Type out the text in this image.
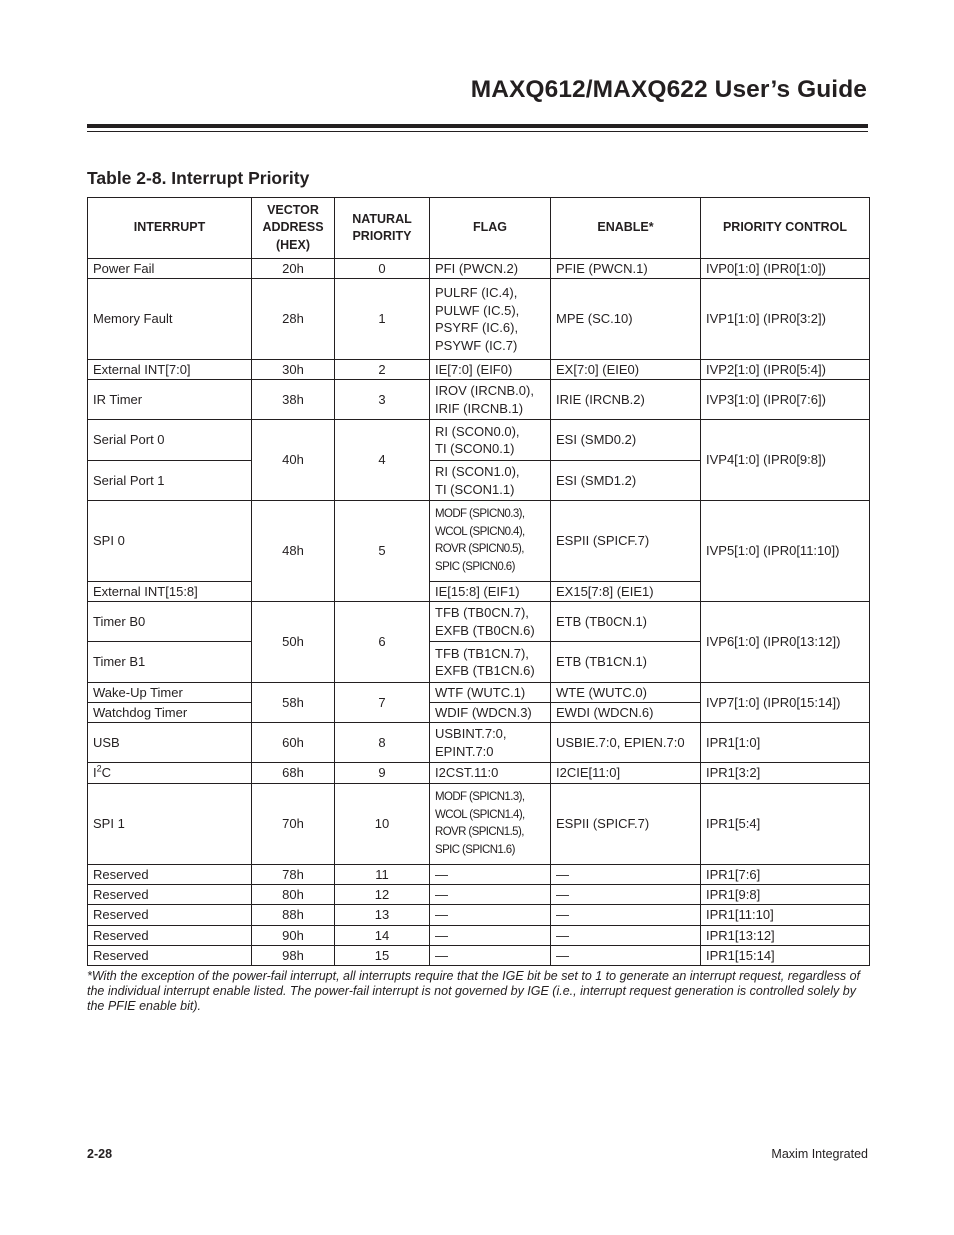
MAXQ612/MAXQ622 User’s Guide
Table 2-8. Interrupt Priority
INTERRUPT	VECTOR
ADDRESS
(HEX)	NATURAL
PRIORITY	FLAG	ENABLE*	PRIORITY CONTROL

Power Fail	20h	0	PFI (PWCN.2)	PFIE (PWCN.1)	IVP0[1:0] (IPR0[1:0])
Memory Fault	28h	1	PULRF (IC.4),
PULWF (IC.5),
PSYRF (IC.6),
PSYWF (IC.7)	MPE (SC.10)	IVP1[1:0] (IPR0[3:2])
External INT[7:0]	30h	2	IE[7:0] (EIF0)	EX[7:0] (EIE0)	IVP2[1:0] (IPR0[5:4])
IR Timer	38h	3	IROV (IRCNB.0),
IRIF (IRCNB.1)	IRIE (IRCNB.2)	IVP3[1:0] (IPR0[7:6])
Serial Port 0	40h	4	RI (SCON0.0),
TI (SCON0.1)	ESI (SMD0.2)	IVP4[1:0] (IPR0[9:8])
Serial Port 1			RI (SCON1.0),
TI (SCON1.1)	ESI (SMD1.2)	
SPI 0	48h	5	MODF (SPICN0.3),
WCOL (SPICN0.4),
ROVR (SPICN0.5),
SPIC (SPICN0.6)	ESPII (SPICF.7)	IVP5[1:0] (IPR0[11:10])
External INT[15:8]			IE[15:8] (EIF1)	EX15[7:8] (EIE1)	
Timer B0	50h	6	TFB (TB0CN.7),
EXFB (TB0CN.6)	ETB (TB0CN.1)	IVP6[1:0] (IPR0[13:12])
Timer B1			TFB (TB1CN.7),
EXFB (TB1CN.6)	ETB (TB1CN.1)	
Wake-Up Timer	58h	7	WTF (WUTC.1)	WTE (WUTC.0)	IVP7[1:0] (IPR0[15:14])
Watchdog Timer			WDIF (WDCN.3)	EWDI (WDCN.6)	
USB	60h	8	USBINT.7:0,
EPINT.7:0	USBIE.7:0, EPIEN.7:0	IPR1[1:0]
$I^2C$	68h	9	I2CST.11:0	I2CIE[11:0]	IPR1[3:2]
SPI 1	70h	10	MODF (SPICN1.3),
WCOL (SPICN1.4),
ROVR (SPICN1.5),
SPIC (SPICN1.6)	ESPII (SPICF.7)	IPR1[5:4]
Reserved	78h	11	—	—	IPR1[7:6]
Reserved	80h	12	—	—	IPR1[9:8]
Reserved	88h	13	—	—	IPR1[11:10]
Reserved	90h	14	—	—	IPR1[13:12]
Reserved	98h	15	—	—	IPR1[15:14]

*With the exception of the power-fail interrupt, all interrupts require that the IGE bit be set to 1 to generate an interrupt request, regardless of the individual interrupt enable listed. The power-fail interrupt is not governed by IGE (i.e., interrupt request generation is controlled solely by the PFIE enable bit).

2-28	Maxim Integrated
